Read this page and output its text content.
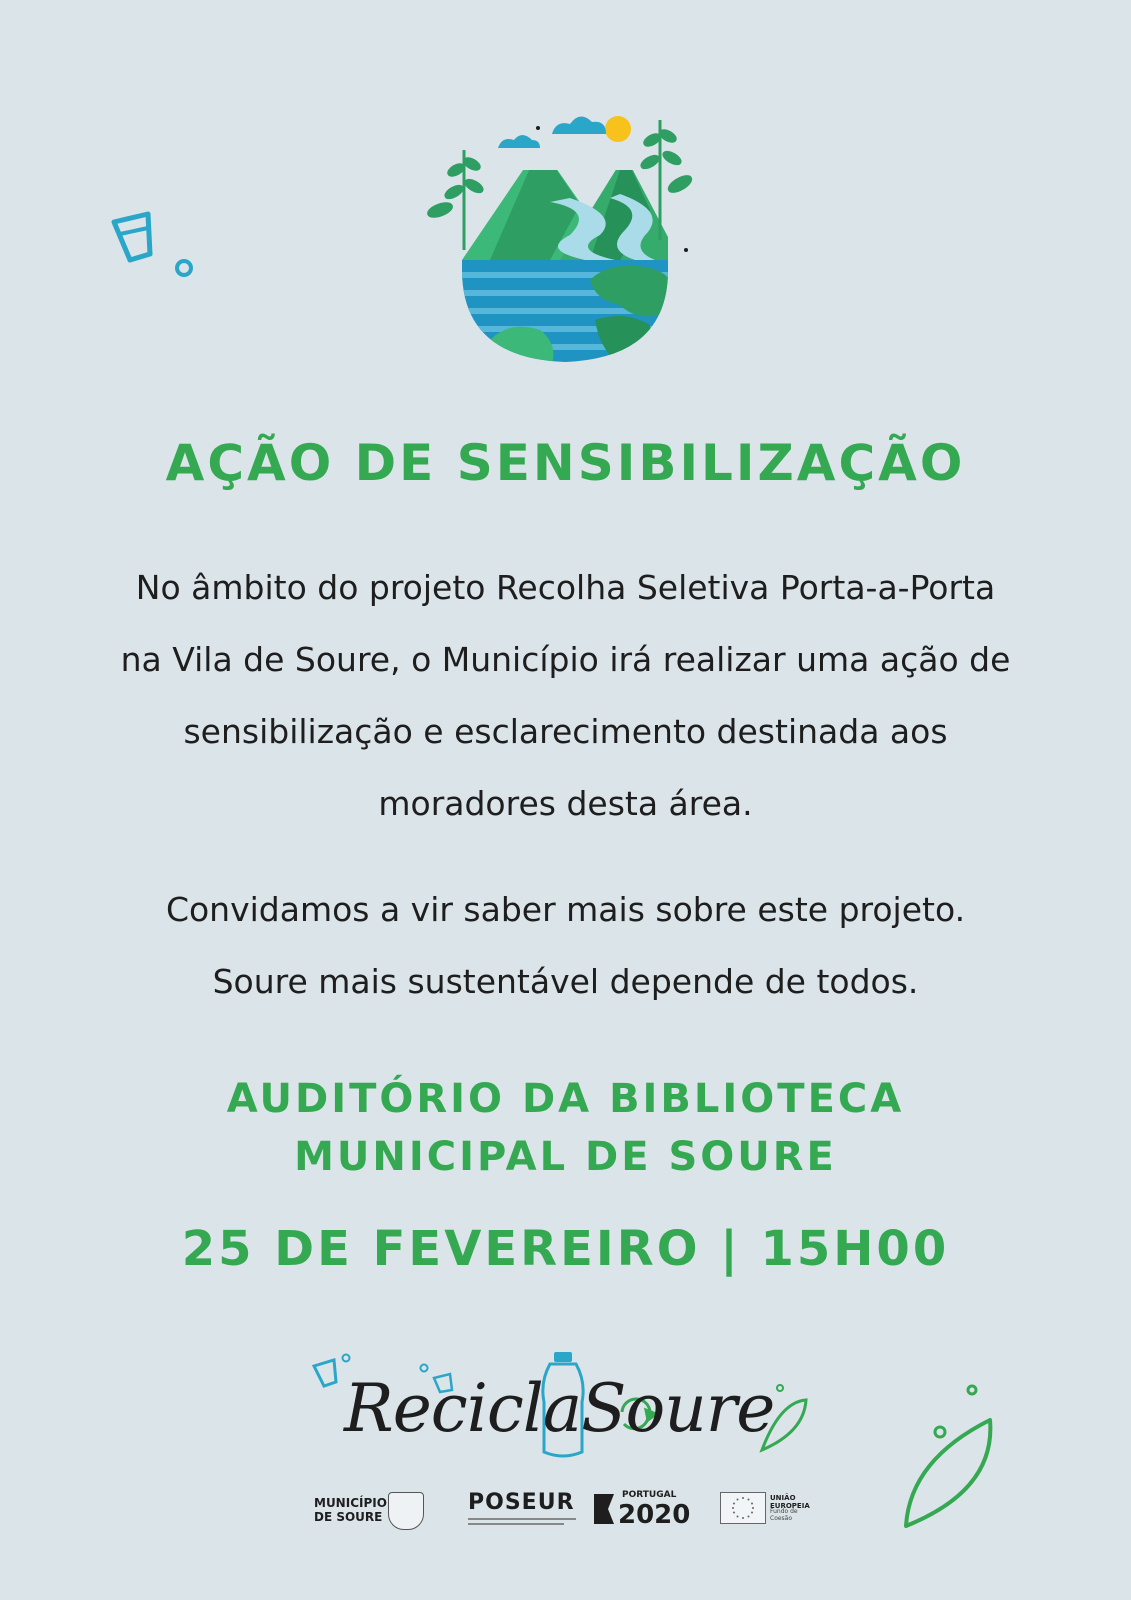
AÇÃO DE SENSIBILIZAÇÃO
No âmbito do projeto Recolha Seletiva Porta-a-Porta
na Vila de Soure, o Município irá realizar uma ação de
sensibilização e esclarecimento destinada aos
moradores desta área.
Convidamos a vir saber mais sobre este projeto.
Soure mais sustentável depende de todos.
AUDITÓRIO DA BIBLIOTECA
MUNICIPAL DE SOURE
25 DE FEVEREIRO | 15H00
ReciclaSoure
MUNICÍPIO
DE SOURE
POSEUR	PORTUGAL
2020
UNIÃO EUROPEIA
Fundo de Coesão
